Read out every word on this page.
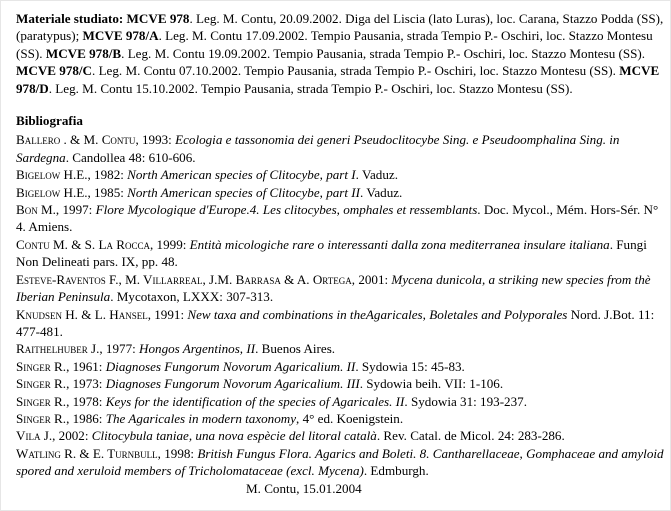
Materiale studiato: MCVE 978. Leg. M. Contu, 20.09.2002. Diga del Liscia (lato Luras), loc. Carana, Stazzo Podda (SS), (paratypus); MCVE 978/A. Leg. M. Contu 17.09.2002. Tempio Pausania, strada Tempio P.- Oschiri, loc. Stazzo Montesu (SS). MCVE 978/B. Leg. M. Contu 19.09.2002. Tempio Pausania, strada Tempio P.- Oschiri, loc. Stazzo Montesu (SS). MCVE 978/C. Leg. M. Contu 07.10.2002. Tempio Pausania, strada Tempio P.- Oschiri, loc. Stazzo Montesu (SS). MCVE 978/D. Leg. M. Contu 15.10.2002. Tempio Pausania, strada Tempio P.- Oschiri, loc. Stazzo Montesu (SS).

Bibliografia

Ballero . & M. Contu, 1993: Ecologia e tassonomia dei generi Pseudoclitocybe Sing. e Pseudoomphalina Sing. in Sardegna. Candollea 48: 610-606.

Bigelow H.E., 1982: North American species of Clitocybe, part I. Vaduz.

Bigelow H.E., 1985: North American species of Clitocybe, part II. Vaduz.

Bon M., 1997: Flore Mycologique d'Europe.4. Les clitocybes, omphales et ressemblants. Doc. Mycol., Mém. Hors-Sér. N° 4. Amiens.

Contu M. & S. La Rocca, 1999: Entità micologiche rare o interessanti dalla zona mediterranea insulare italiana. Fungi Non Delineati pars. IX, pp. 48.

Esteve-Raventos F., M. Villarreal, J.M. Barrasa & A. Ortega, 2001: Mycena dunicola, a striking new species from thè Iberian Peninsula. Mycotaxon, LXXX: 307-313.

Knudsen H. & L. Hansel, 1991: New taxa and combinations in theAgaricales, Boletales and Polyporales Nord. J.Bot. 11: 477-481.

Raithelhuber J., 1977: Hongos Argentinos, II. Buenos Aires.

Singer R., 1961: Diagnoses Fungorum Novorum Agaricalium. II. Sydowia 15: 45-83.

Singer R., 1973: Diagnoses Fungorum Novorum Agaricalium. III. Sydowia beih. VII: 1-106.

Singer R., 1978: Keys for the identification of the species of Agaricales. II. Sydowia 31: 193-237.

Singer R., 1986: The Agaricales in modern taxonomy, 4° ed. Koenigstein.

Vila J., 2002: Clitocybula taniae, una nova espècie del litoral català. Rev. Catal. de Micol. 24: 283-286.

Watling R. & E. Turnbull, 1998: British Fungus Flora. Agarics and Boleti. 8. Cantharellaceae, Gomphaceae and amyloid spored and xeruloid members of Tricholomataceae (excl. Mycena). Edmburgh.

M. Contu, 15.01.2004
